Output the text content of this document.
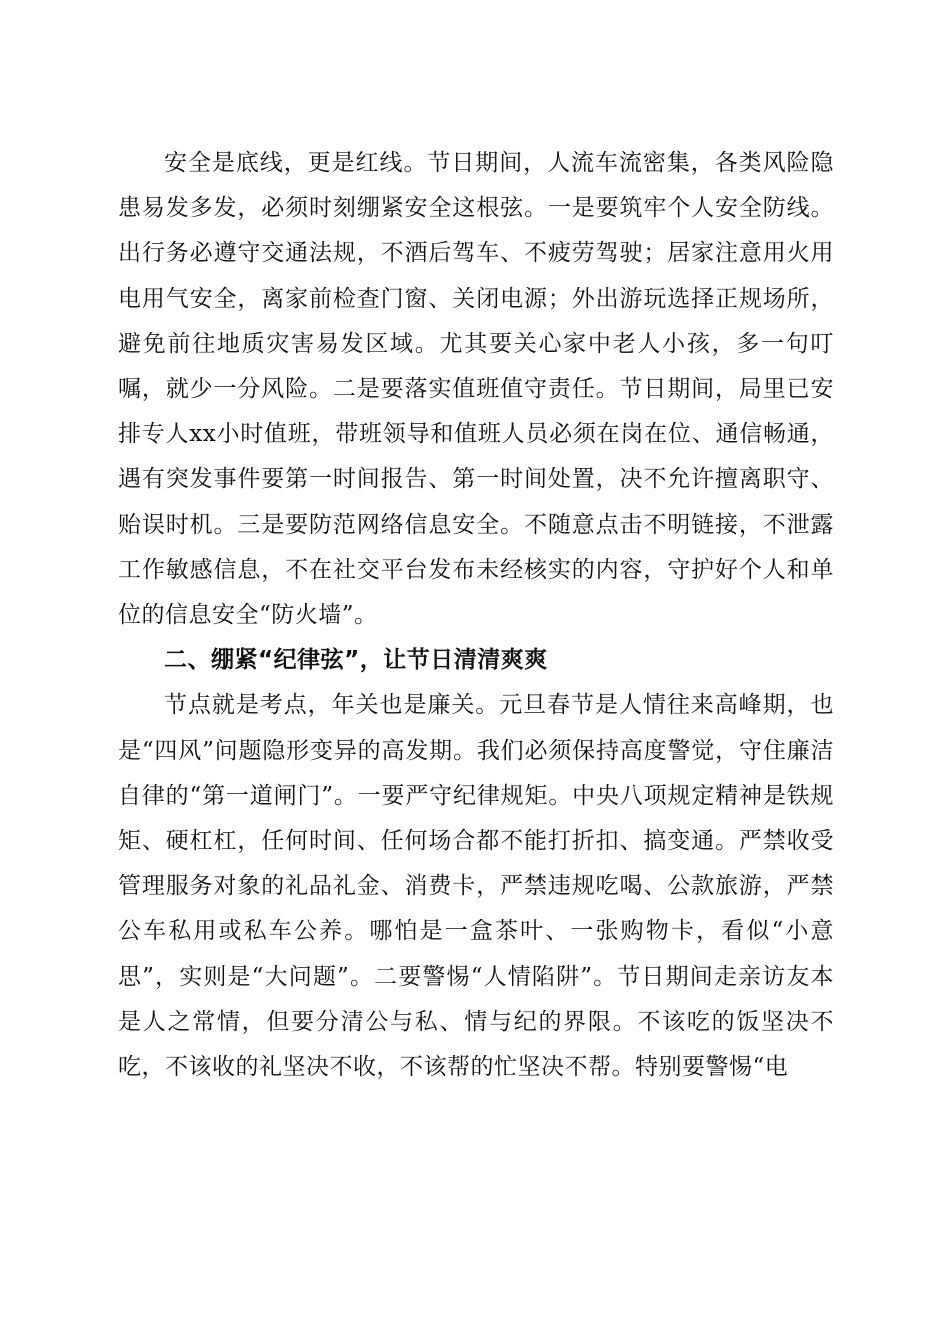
安全是底线，更是红线。节日期间，人流车流密集，各类风险隐患易发多发，必须时刻绷紧安全这根弦。一是要筑牢个人安全防线。出行务必遵守交通法规，不酒后驾车、不疲劳驾驶；居家注意用火用电用气安全，离家前检查门窗、关闭电源；外出游玩选择正规场所，避免前往地质灾害易发区域。尤其要关心家中老人小孩，多一句叮嘱，就少一分风险。二是要落实值班值守责任。节日期间，局里已安排专人xx小时值班，带班领导和值班人员必须在岗在位、通信畅通，遇有突发事件要第一时间报告、第一时间处置，决不允许擅离职守、贻误时机。三是要防范网络信息安全。不随意点击不明链接，不泄露工作敏感信息，不在社交平台发布未经核实的内容，守护好个人和单位的信息安全“防火墙”。

二、绷紧“纪律弦”，让节日清清爽爽

节点就是考点，年关也是廉关。元旦春节是人情往来高峰期，也是“四风”问题隐形变异的高发期。我们必须保持高度警觉，守住廉洁自律的“第一道闸门”。一要严守纪律规矩。中央八项规定精神是铁规矩、硬杠杠，任何时间、任何场合都不能打折扣、搞变通。严禁收受管理服务对象的礼品礼金、消费卡，严禁违规吃喝、公款旅游，严禁公车私用或私车公养。哪怕是一盒茶叶、一张购物卡，看似“小意思”，实则是“大问题”。二要警惕“人情陷阱”。节日期间走亲访友本是人之常情，但要分清公与私、情与纪的界限。不该吃的饭坚决不吃，不该收的礼坚决不收，不该帮的忙坚决不帮。特别要警惕“电
